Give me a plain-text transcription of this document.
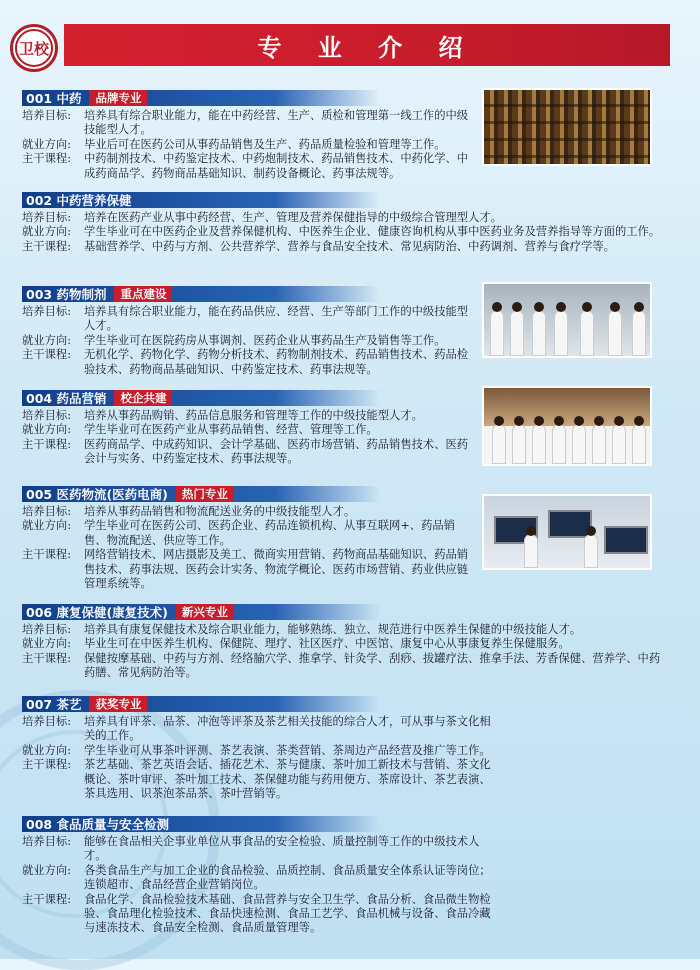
卫校	专 业 介 绍
001 中药	品牌专业
培养目标:	培养具有综合职业能力，能在中药经营、生产、质检和管理第一线工作的中级技能型人才。
就业方向:	毕业后可在医药公司从事药品销售及生产、药品质量检验和管理等工作。
主干课程:	中药制剂技术、中药鉴定技术、中药炮制技术、药品销售技术、中药化学、中成药商品学、药物商品基础知识、制药设备概论、药事法规等。
002 中药营养保健
培养目标:	培养在医药产业从事中药经营、生产、管理及营养保健指导的中级综合管理型人才。
就业方向:	学生毕业可在中医药企业及营养保健机构、中医养生企业、健康咨询机构从事中医药业务及营养指导等方面的工作。
主干课程:	基础营养学、中药与方剂、公共营养学、营养与食品安全技术、常见病防治、中药调剂、营养与食疗学等。
003 药物制剂	重点建设
培养目标:	培养具有综合职业能力，能在药品供应、经营、生产等部门工作的中级技能型人才。
就业方向:	学生毕业可在医院药房从事调剂、医药企业从事药品生产及销售等工作。
主干课程:	无机化学、药物化学、药物分析技术、药物制剂技术、药品销售技术、药品检验技术、药物商品基础知识、中药鉴定技术、药事法规等。
004 药品营销	校企共建
培养目标:	培养从事药品购销、药品信息服务和管理等工作的中级技能型人才。
就业方向:	学生毕业可在医药产业从事药品销售、经营、管理等工作。
主干课程:	医药商品学、中成药知识、会计学基础、医药市场营销、药品销售技术、医药会计与实务、中药鉴定技术、药事法规等。
005 医药物流(医药电商)	热门专业
培养目标:	培养从事药品销售和物流配送业务的中级技能型人才。
就业方向:	学生毕业可在医药公司、医药企业、药品连锁机构、从事互联网+、药品销售、物流配送、供应等工作。
主干课程:	网络营销技术、网店摄影及美工、微商实用营销、药物商品基础知识、药品销售技术、药事法规、医药会计实务、物流学概论、医药市场营销、药业供应链管理系统等。
006 康复保健(康复技术)	新兴专业
培养目标:	培养具有康复保健技术及综合职业能力，能够熟练、独立、规范进行中医养生保健的中级技能人才。
就业方向:	毕业生可在中医养生机构、保健院、理疗、社区医疗、中医馆、康复中心从事康复养生保健服务。
主干课程:	保健按摩基础、中药与方剂、经络腧穴学、推拿学、针灸学、刮痧、拔罐疗法、推拿手法、芳香保健、营养学、中药药膳、常见病防治等。
007 茶艺	获奖专业
培养目标:	培养具有评茶、品茶、冲泡等评茶及茶艺相关技能的综合人才，可从事与茶文化相关的工作。
就业方向:	学生毕业可从事茶叶评测、茶艺表演、茶类营销、茶周边产品经营及推广等工作。
主干课程:	茶艺基础、茶艺英语会话、插花艺术、茶与健康、茶叶加工新技术与营销、茶文化概论、茶叶审评、茶叶加工技术、茶保健功能与药用便方、茶席设计、茶艺表演、茶具选用、识茶泡茶品茶、茶叶营销等。
008 食品质量与安全检测
培养目标:	能够在食品相关企事业单位从事食品的安全检验、质量控制等工作的中级技术人才。
就业方向:	各类食品生产与加工企业的食品检验、品质控制、食品质量安全体系认证等岗位；连锁超市、食品经营企业营销岗位。
主干课程:	食品化学、食品检验技术基础、食品营养与安全卫生学、食品分析、食品微生物检验、食品理化检验技术、食品快速检测、食品工艺学、食品机械与设备、食品冷藏与速冻技术、食品安全检测、食品质量管理等。
